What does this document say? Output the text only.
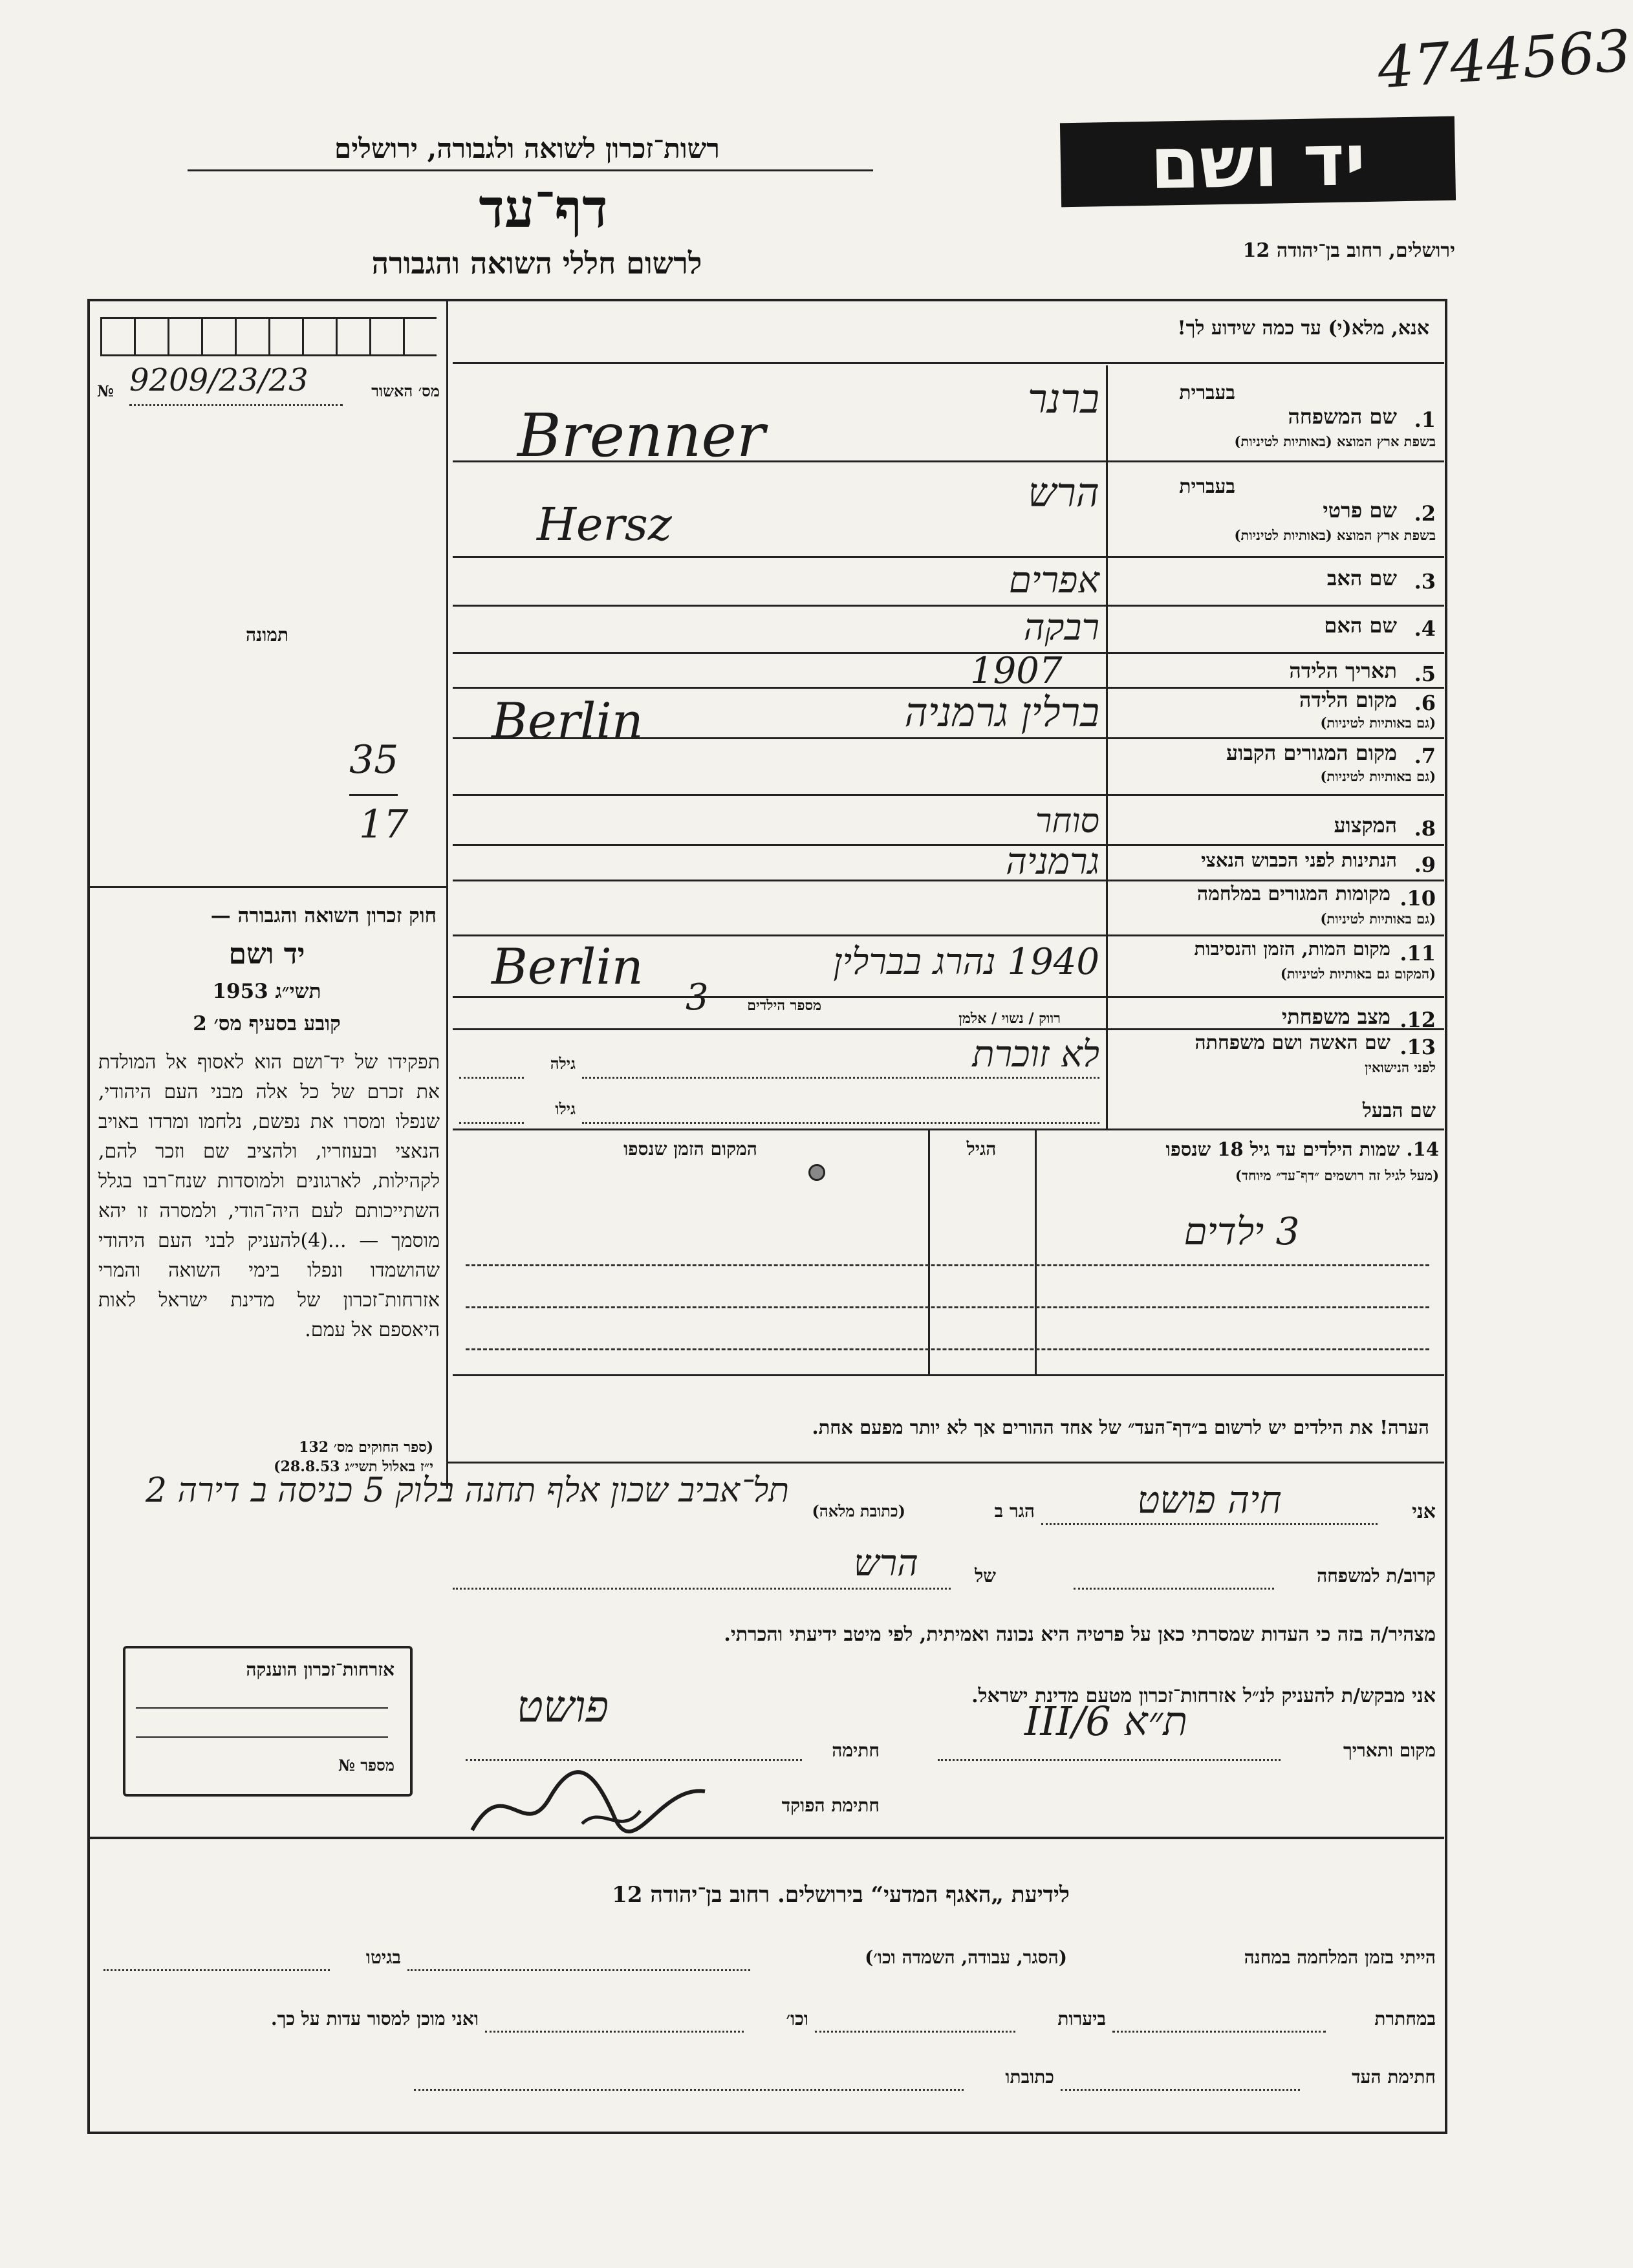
4744563
יד ושם
ירושלים, רחוב בן־יהודה 12
רשות־זכרון לשואה ולגבורה, ירושלים
דף־עד
לרשום חללי השואה והגבורה
אנא, מלא(י) עד כמה שידוע לך!
מס׳ האשור
№ 9209/23/23
תמונה
35
17
חוק זכרון השואה והגבורה —
יד ושם
תשי״ג 1953
קובע בסעיף מס׳ 2
תפקידו של יד־ושם הוא לאסוף אל המולדת את זכרם של כל אלה מבני העם היהודי, שנפלו ומסרו את נפשם, נלחמו ומרדו באויב הנאצי ובעוזריו, ולהציב שם וזכר להם, לקהילות, לארגונים ולמוסדות שנח־רבו בגלל השתייכותם לעם היה־הודי, ולמסרה זו יהא מוסמך — ...(4)להעניק לבני העם היהודי שהושמדו ונפלו בימי השואה והמרי אזרחות־זכרון של מדינת ישראל לאות היאספם אל עמם.
(ספר החוקים מס׳ 132
י״ז באלול תשי״ג 28.8.53)
1.
שם המשפחה
בשפת ארץ המוצא (באותיות לטיניות)
בעברית
ברנר
Brenner
2.
שם פרטי
בשפת ארץ המוצא (באותיות לטיניות)
בעברית
הרש
Hersz
3.
שם האב
אפרים
4.
שם האם
רבקה
5.
תאריך הלידה
1907
6.
מקום הלידה
(גם באותיות לטיניות)
ברלין גרמניה
Berlin
7.
מקום המגורים הקבוע
(גם באותיות לטיניות)
8.
המקצוע
סוחר
9.
הנתינות לפני הכבוש הנאצי
גרמניה
10.
מקומות המגורים במלחמה
(גם באותיות לטיניות)
11.
מקום המות, הזמן והנסיבות
(המקום גם באותיות לטיניות)
1940 נהרג בברלין
Berlin
12.
מצב משפחתי
רווק / נשוי / אלמן
מספר הילדים
3
13.
שם האשה ושם משפחתה
לפני הנישואין
גילה	לא זוכרת
שם הבעל
גילו
14. שמות הילדים עד גיל 18 שנספו
(מעל לגיל זה רושמים ״דף־עד״ מיוחד)
הגיל
המקום הזמן שנספו
3 ילדים
הערה! את הילדים יש לרשום ב״דף־העד״ של אחד ההורים אך לא יותר מפעם אחת.
אני
חיה פושט
הגר ב
(כתובת מלאה)
תל־אביב שכון אלף תחנה בלוק 5 כניסה ב דירה 2
קרוב/ת למשפחה
של
הרש
מצהיר/ה בזה כי העדות שמסרתי כאן על פרטיה היא נכונה ואמיתית, לפי מיטב ידיעתי והכרתי.
אני מבקש/ת להעניק לנ״ל אזרחות־זכרון מטעם מדינת ישראל.
מקום ותאריך
ת״א 6/III
חתימה
פושט
חתימת הפוקד
אזרחות־זכרון הוענקה
מספר №
לידיעת „האגף המדעי“ בירושלים. רחוב בן־יהודה 12
הייתי בזמן המלחמה במחנה
(הסגר, עבודה, השמדה וכו׳)
בגיטו
במחתרת
ביערות
וכו׳
ואני מוכן למסור עדות על כך.
חתימת העד
כתובתו
